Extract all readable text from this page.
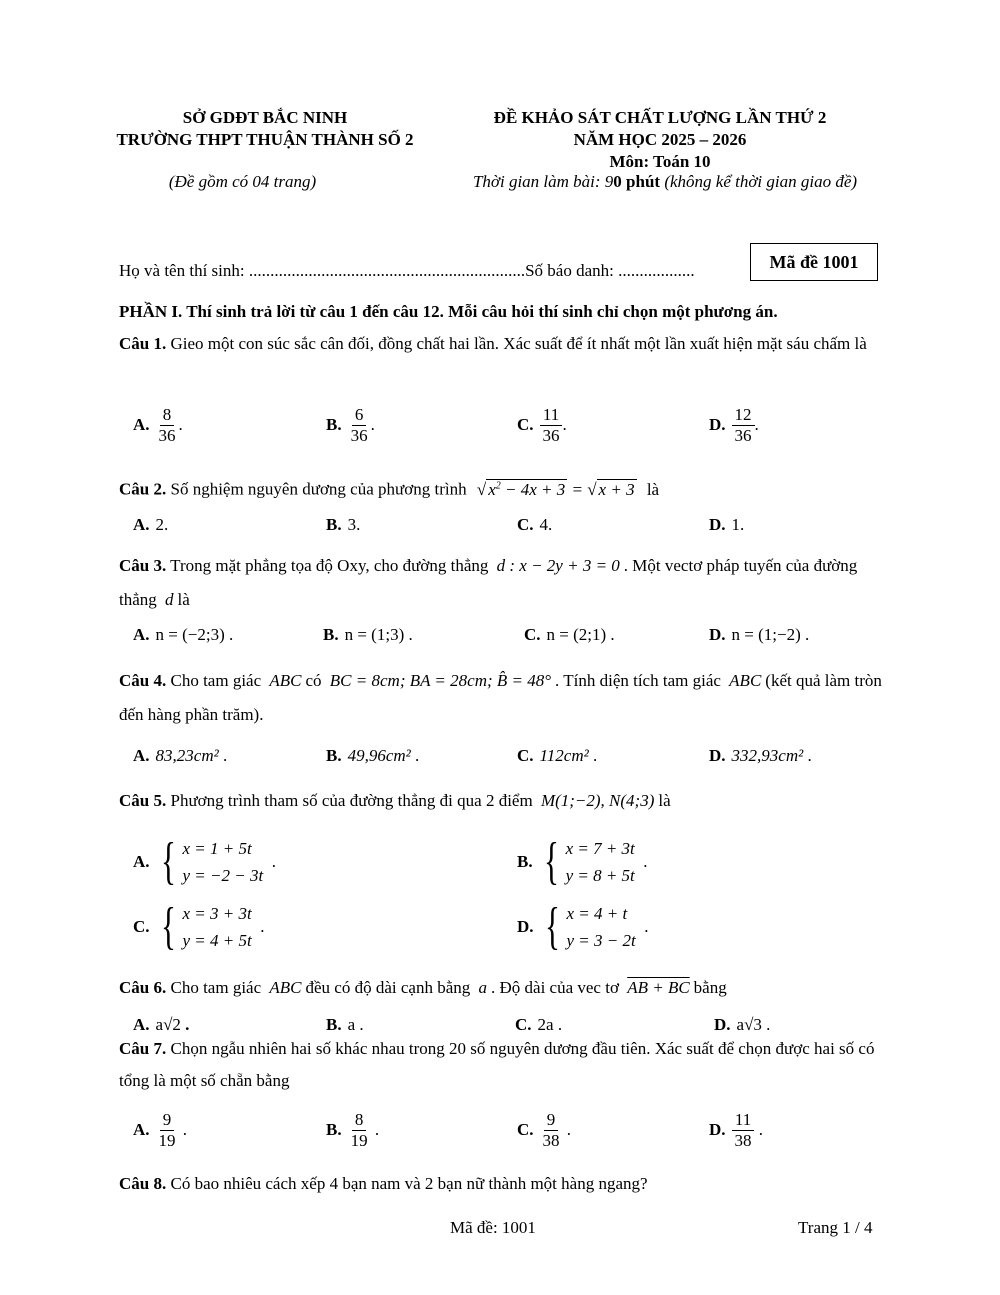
SỞ GDĐT BẮC NINH
TRƯỜNG THPT THUẬN THÀNH SỐ 2
(Đề gồm có 04 trang)
ĐỀ KHẢO SÁT CHẤT LƯỢNG LẦN THỨ 2
NĂM HỌC 2025 – 2026
Môn: Toán 10
Thời gian làm bài: 90 phút (không kể thời gian giao đề)
Họ và tên thí sinh: .................................................................Số báo danh: ..................	Mã đề 1001
PHẦN I. Thí sinh trả lời từ câu 1 đến câu 12. Mỗi câu hỏi thí sinh chỉ chọn một phương án.
Câu 1. Gieo một con súc sắc cân đối, đồng chất hai lần. Xác suất để ít nhất một lần xuất hiện mặt sáu chấm là
A. $\frac{8}{36}$ .	B. $\frac{6}{36}$ .	C. $\frac{11}{36}$ .	D. $\frac{12}{36}$ .
Câu 2. Số nghiệm nguyên dương của phương trình √ $x^2 - 4x + 3$ = √ x + 3 là
A. 2.	B. 3.	C. 4.	D. 1.
Câu 3. Trong mặt phẳng tọa độ Oxy, cho đường thẳng d : x − 2y + 3 = 0 . Một vectơ pháp tuyến của đường thẳng d là
A. n = (−2;3) .	B. n = (1;3) .	C. n = (2;1) .	D. n = (1;−2) .
Câu 4. Cho tam giác ABC có BC = 8cm; BA = 28cm; B̂ = 48° . Tính diện tích tam giác ABC (kết quả làm tròn đến hàng phần trăm).
A. 83,23cm² .	B. 49,96cm² .	C. 112cm² .	D. 332,93cm² .
Câu 5. Phương trình tham số của đường thẳng đi qua 2 điểm M(1;−2), N(4;3) là
A. { x = 1 + 5t
y = −2 − 3t
.	B. { x = 7 + 3t
y = 8 + 5t
.
C. { x = 3 + 3t
y = 4 + 5t
.	D. { x = 4 + t
y = 3 − 2t
.
Câu 6. Cho tam giác ABC đều có độ dài cạnh bằng a . Độ dài của vec tơ AB + BC bằng
A. a√2
.	B. a .	C. 2a .	D. a√3 .
Câu 7. Chọn ngẫu nhiên hai số khác nhau trong 20 số nguyên dương đầu tiên. Xác suất để chọn được hai số có tổng là một số chẵn bằng
A. $\frac{9}{19}$ .	B. $\frac{8}{19}$ .	C. $\frac{9}{38}$ .	D. $\frac{11}{38}$ .
Câu 8. Có bao nhiêu cách xếp 4 bạn nam và 2 bạn nữ thành một hàng ngang?
Mã đề: 1001	Trang 1 / 4
